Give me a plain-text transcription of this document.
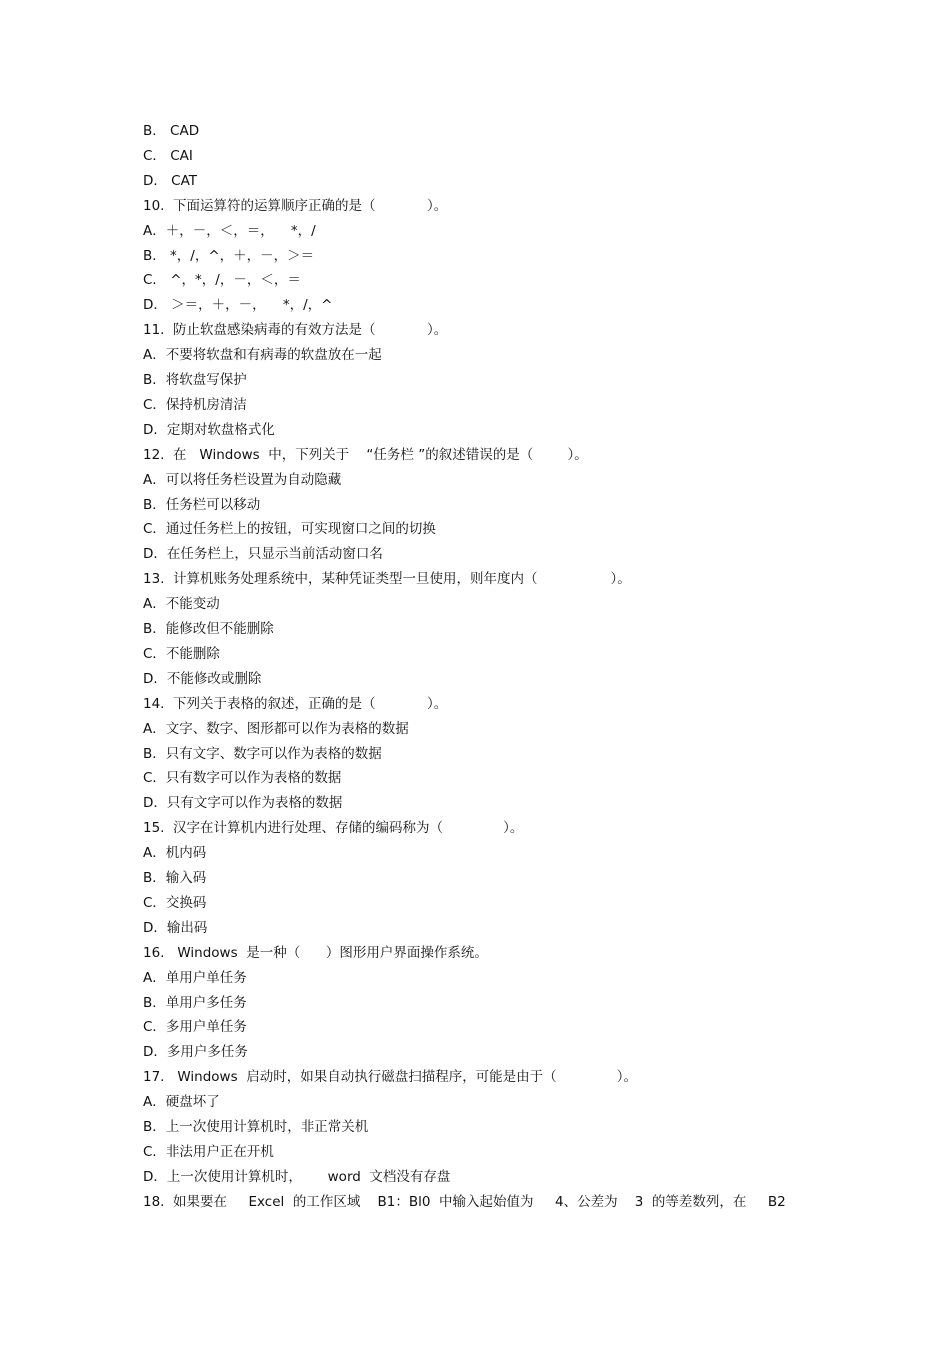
B． CAD
C． CAI
D． CAT
10.  下面运算符的运算顺序正确的是（            ）。
A．＋，－，＜，＝，    *，/
B． *，/，^，＋，－，＞＝
C． ^，*，/，－，＜，＝
D． ＞＝，＋，－，    *，/，^
11.  防止软盘感染病毒的有效方法是（            ）。
A．不要将软盘和有病毒的软盘放在一起
B．将软盘写保护
C．保持机房清洁
D．定期对软盘格式化
12.  在   Windows  中，下列关于    “任务栏 ”的叙述错误的是（        ）。
A．可以将任务栏设置为自动隐藏
B．任务栏可以移动
C．通过任务栏上的按钮，可实现窗口之间的切换
D．在任务栏上，只显示当前活动窗口名
13.  计算机账务处理系统中，某种凭证类型一旦使用，则年度内（                 ）。
A．不能变动
B．能修改但不能删除
C．不能删除
D．不能修改或删除
14.  下列关于表格的叙述，正确的是（            ）。
A．文字、数字、图形都可以作为表格的数据
B．只有文字、数字可以作为表格的数据
C．只有数字可以作为表格的数据
D．只有文字可以作为表格的数据
15.  汉字在计算机内进行处理、存储的编码称为（              ）。
A．机内码
B．输入码
C．交换码
D．输出码
16.   Windows  是一种（      ）图形用户界面操作系统。
A．单用户单任务
B．单用户多任务
C．多用户单任务
D．多用户多任务
17.   Windows  启动时，如果自动执行磁盘扫描程序，可能是由于（              ）。
A．硬盘坏了
B．上一次使用计算机时，非正常关机
C．非法用户正在开机
D．上一次使用计算机时，      word  文档没有存盘
18.  如果要在     Excel  的工作区域    B1：Bl0  中输入起始值为     4、公差为    3  的等差数列，在     B2
